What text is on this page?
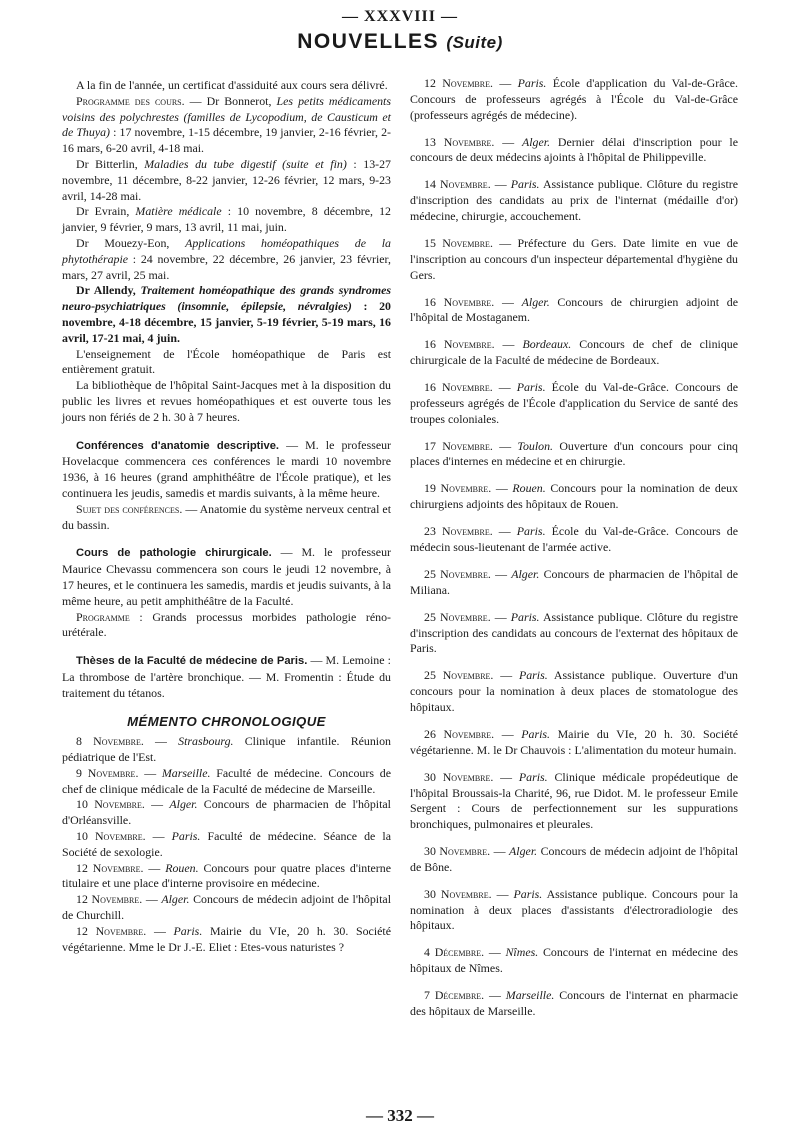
— XXXVIII —
NOUVELLES (Suite)

A la fin de l'année, un certificat d'assiduité aux cours sera délivré.

Programme des cours. — Dr Bonnerot, Les petits médicaments voisins des polychrestes (familles de Lycopodium, de Causticum et de Thuya) : 17 novembre, 1-15 décembre, 19 janvier, 2-16 février, 2-16 mars, 6-20 avril, 4-18 mai.

Dr Bitterlin, Maladies du tube digestif (suite et fin) : 13-27 novembre, 11 décembre, 8-22 janvier, 12-26 février, 12 mars, 9-23 avril, 14-28 mai.

Dr Evrain, Matière médicale : 10 novembre, 8 décembre, 12 janvier, 9 février, 9 mars, 13 avril, 11 mai, juin.

Dr Mouezy-Eon, Applications homéopathiques de la phytothérapie : 24 novembre, 22 décembre, 26 janvier, 23 février, mars, 27 avril, 25 mai.

Dr Allendy, Traitement homéopathique des grands syndromes neuro-psychiatriques (insomnie, épilepsie, névralgies) : 20 novembre, 4-18 décembre, 15 janvier, 5-19 février, 5-19 mars, 16 avril, 17-21 mai, 4 juin.

L'enseignement de l'École homéopathique de Paris est entièrement gratuit.

La bibliothèque de l'hôpital Saint-Jacques met à la disposition du public les livres et revues homéopathiques et est ouverte tous les jours non fériés de 2 h. 30 à 7 heures.

Conférences d'anatomie descriptive. — M. le professeur Hovelacque commencera ces conférences le mardi 10 novembre 1936, à 16 heures (grand amphithéâtre de l'École pratique), et les continuera les jeudis, samedis et mardis suivants, à la même heure.

Sujet des conférences. — Anatomie du système nerveux central et du bassin.

Cours de pathologie chirurgicale. — M. le professeur Maurice Chevassu commencera son cours le jeudi 12 novembre, à 17 heures, et le continuera les samedis, mardis et jeudis suivants, à la même heure, au petit amphithéâtre de la Faculté.

Programme : Grands processus morbides pathologie réno-urétérale.

Thèses de la Faculté de médecine de Paris. — M. Lemoine : La thrombose de l'artère bronchique. — M. Fromentin : Étude du traitement du tétanos.

MÉMENTO CHRONOLOGIQUE

8 Novembre. — Strasbourg. Clinique infantile. Réunion pédiatrique de l'Est.

9 Novembre. — Marseille. Faculté de médecine. Concours de chef de clinique médicale de la Faculté de médecine de Marseille.

10 Novembre. — Alger. Concours de pharmacien de l'hôpital d'Orléansville.

10 Novembre. — Paris. Faculté de médecine. Séance de la Société de sexologie.

12 Novembre. — Rouen. Concours pour quatre places d'interne titulaire et une place d'interne provisoire en médecine.

12 Novembre. — Alger. Concours de médecin adjoint de l'hôpital de Churchill.

12 Novembre. — Paris. Mairie du VIe, 20 h. 30. Société végétarienne. Mme le Dr J.-E. Eliet : Etes-vous naturistes ?

12 Novembre. — Paris. École d'application du Val-de-Grâce. Concours de professeurs agrégés à l'École du Val-de-Grâce (professeurs agrégés de médecine).

13 Novembre. — Alger. Dernier délai d'inscription pour le concours de deux médecins ajoints à l'hôpital de Philippeville.

14 Novembre. — Paris. Assistance publique. Clôture du registre d'inscription des candidats au prix de l'internat (médaille d'or) médecine, chirurgie, accouchement.

15 Novembre. — Préfecture du Gers. Date limite en vue de l'inscription au concours d'un inspecteur départemental d'hygiène du Gers.

16 Novembre. — Alger. Concours de chirurgien adjoint de l'hôpital de Mostaganem.

16 Novembre. — Bordeaux. Concours de chef de clinique chirurgicale de la Faculté de médecine de Bordeaux.

16 Novembre. — Paris. École du Val-de-Grâce. Concours de professeurs agrégés de l'École d'application du Service de santé des troupes coloniales.

17 Novembre. — Toulon. Ouverture d'un concours pour cinq places d'internes en médecine et en chirurgie.

19 Novembre. — Rouen. Concours pour la nomination de deux chirurgiens adjoints des hôpitaux de Rouen.

23 Novembre. — Paris. École du Val-de-Grâce. Concours de médecin sous-lieutenant de l'armée active.

25 Novembre. — Alger. Concours de pharmacien de l'hôpital de Miliana.

25 Novembre. — Paris. Assistance publique. Clôture du registre d'inscription des candidats au concours de l'externat des hôpitaux de Paris.

25 Novembre. — Paris. Assistance publique. Ouverture d'un concours pour la nomination à deux places de stomatologue des hôpitaux.

26 Novembre. — Paris. Mairie du VIe, 20 h. 30. Société végétarienne. M. le Dr Chauvois : L'alimentation du moteur humain.

30 Novembre. — Paris. Clinique médicale propédeutique de l'hôpital Broussais-la Charité, 96, rue Didot. M. le professeur Emile Sergent : Cours de perfectionnement sur les suppurations bronchiques, pulmonaires et pleurales.

30 Novembre. — Alger. Concours de médecin adjoint de l'hôpital de Bône.

30 Novembre. — Paris. Assistance publique. Concours pour la nomination à deux places d'assistants d'électroradiologie des hôpitaux.

4 Décembre. — Nîmes. Concours de l'internat en médecine des hôpitaux de Nîmes.

7 Décembre. — Marseille. Concours de l'internat en pharmacie des hôpitaux de Marseille.

— 332 —
